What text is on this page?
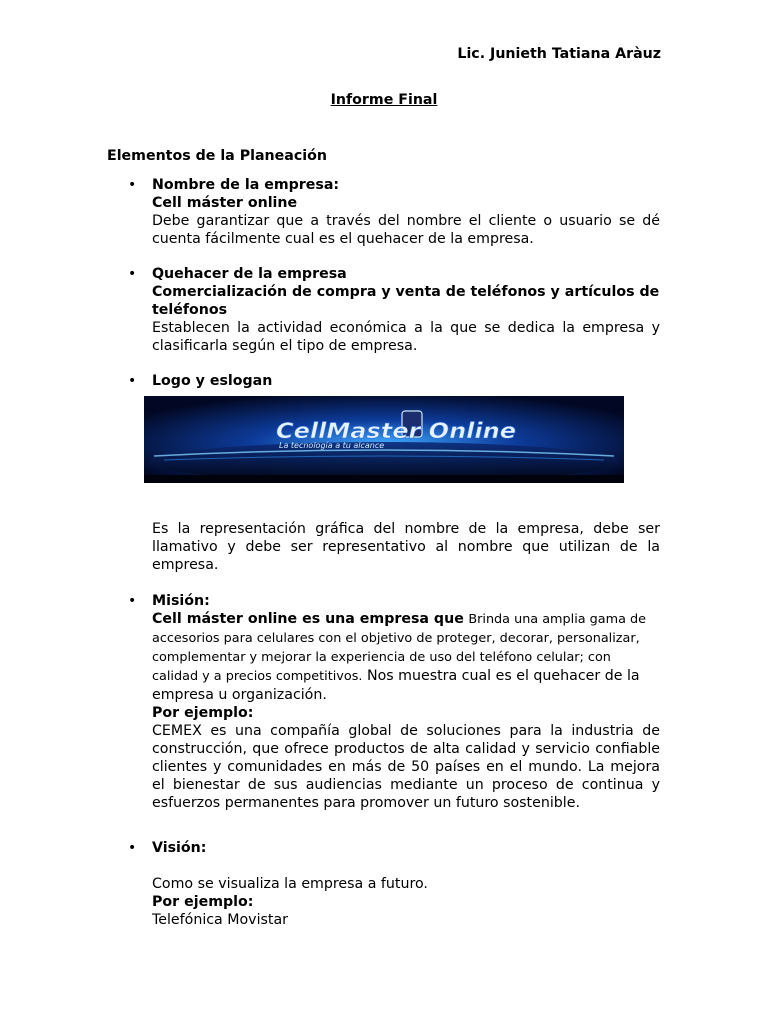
Lic. Junieth Tatiana Aràuz
Informe Final
Elementos de la Planeación
• Nombre de la empresa:
Cell máster online
Debe garantizar que a través del nombre el cliente o usuario se dé cuenta fácilmente cual es el quehacer de la empresa.
• Quehacer de la empresa
Comercialización de compra y venta de teléfonos y artículos de teléfonos
Establecen la actividad económica a la que se dedica la empresa y clasificarla según el tipo de empresa.
• Logo y eslogan
CellMaster Online
La tecnología a tu alcance
Es la representación gráfica del nombre de la empresa, debe ser llamativo y debe ser representativo al nombre que utilizan de la empresa.
• Misión:
Cell máster online es una empresa que Brinda una amplia gama de accesorios para celulares con el objetivo de proteger, decorar, personalizar, complementar y mejorar la experiencia de uso del teléfono celular; con calidad y a precios competitivos. Nos muestra cual es el quehacer de la empresa u organización.
Por ejemplo:
CEMEX es una compañía global de soluciones para la industria de construcción, que ofrece productos de alta calidad y servicio confiable clientes y comunidades en más de 50 países en el mundo. La mejora el bienestar de sus audiencias mediante un proceso de continua y esfuerzos permanentes para promover un futuro sostenible.
• Visión:
Como se visualiza la empresa a futuro.
Por ejemplo:
Telefónica Movistar
